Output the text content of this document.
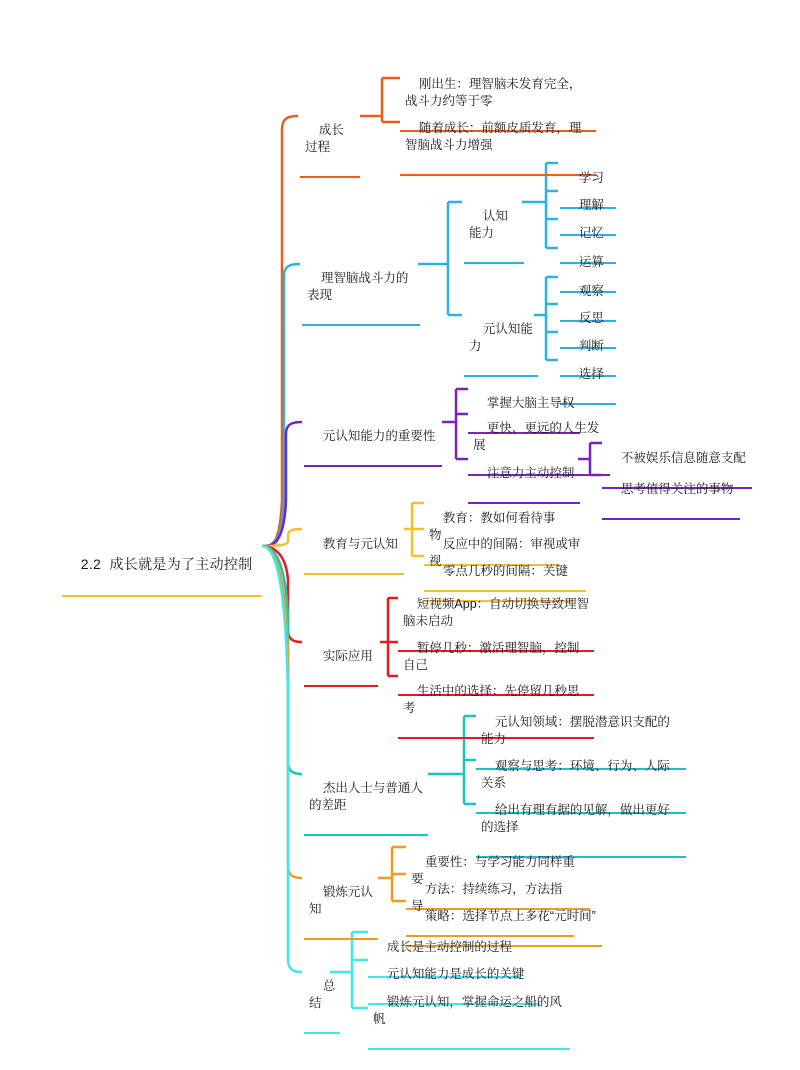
2.2  成长就是为了主动控制

成长过程

刚出生：理智脑未发育完全，战斗力约等于零

随着成长：前额皮质发育，理智脑战斗力增强

理智脑战斗力的表现

认知能力

学习

理解

记忆

运算

元认知能力

观察

反思

判断

选择

元认知能力的重要性

掌握大脑主导权

更快、更远的人生发展

注意力主动控制

不被娱乐信息随意支配

思考值得关注的事物

教育与元认知

教育：教如何看待事物

反应中的间隔：审视或审视

零点几秒的间隔：关键

实际应用

短视频App：自动切换导致理智脑未启动

暂停几秒：激活理智脑，控制自己

生活中的选择：先停留几秒思考

杰出人士与普通人的差距

元认知领域：摆脱潜意识支配的能力

观察与思考：环境、行为、人际关系

给出有理有据的见解，做出更好的选择

锻炼元认知

重要性：与学习能力同样重要

方法：持续练习，方法指导

策略：选择节点上多花“元时间”

总结

成长是主动控制的过程

元认知能力是成长的关键

锻炼元认知，掌握命运之船的风帆
